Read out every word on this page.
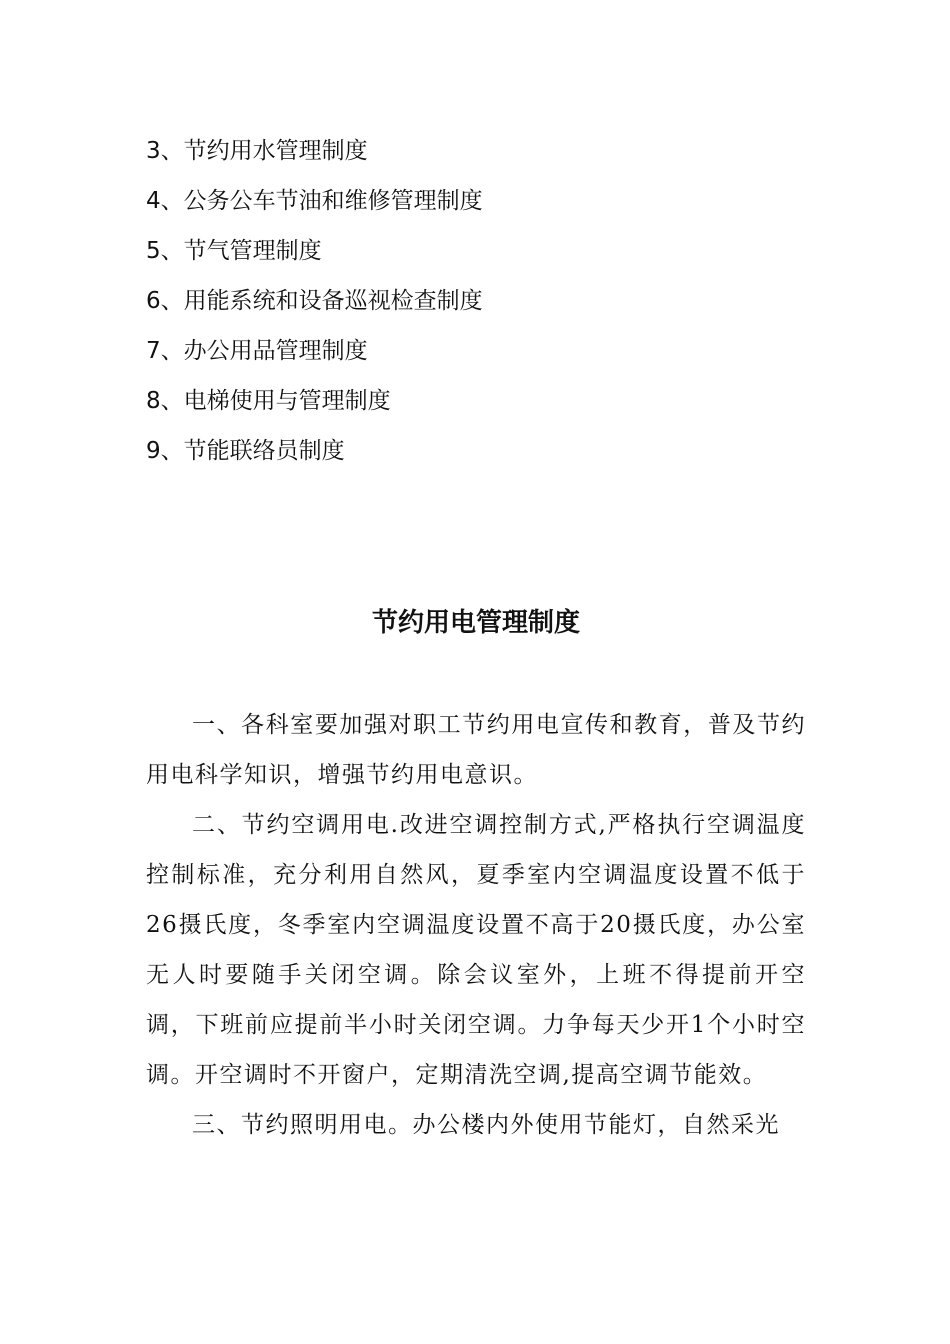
3、节约用水管理制度
4、公务公车节油和维修管理制度
5、节气管理制度
6、用能系统和设备巡视检查制度
7、办公用品管理制度
8、电梯使用与管理制度
9、节能联络员制度
节约用电管理制度

一、各科室要加强对职工节约用电宣传和教育，普及节约用电科学知识，增强节约用电意识。

二、节约空调用电.改进空调控制方式,严格执行空调温度控制标准，充分利用自然风，夏季室内空调温度设置不低于26摄氏度，冬季室内空调温度设置不高于20摄氏度，办公室无人时要随手关闭空调。除会议室外，上班不得提前开空调，下班前应提前半小时关闭空调。力争每天少开1个小时空调。开空调时不开窗户，定期清洗空调,提高空调节能效。

三、节约照明用电。办公楼内外使用节能灯，自然采光
